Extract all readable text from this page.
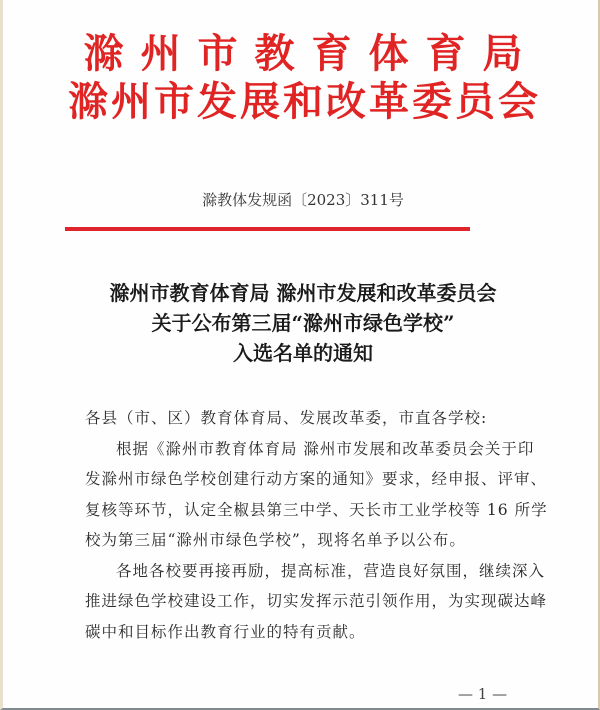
滁州市教育体育局
滁州市发展和改革委员会
滁教体发规函〔2023〕311号
滁州市教育体育局 滁州市发展和改革委员会
关于公布第三届“滁州市绿色学校”
入选名单的通知

各县（市、区）教育体育局、发展改革委，市直各学校:

根据《滁州市教育体育局 滁州市发展和改革委员会关于印

发滁州市绿色学校创建行动方案的通知》要求，经申报、评审、

复核等环节，认定全椒县第三中学、天长市工业学校等 16 所学

校为第三届“滁州市绿色学校”，现将名单予以公布。

各地各校要再接再励，提高标准，营造良好氛围，继续深入

推进绿色学校建设工作，切实发挥示范引领作用，为实现碳达峰

碳中和目标作出教育行业的特有贡献。

— 1 —
